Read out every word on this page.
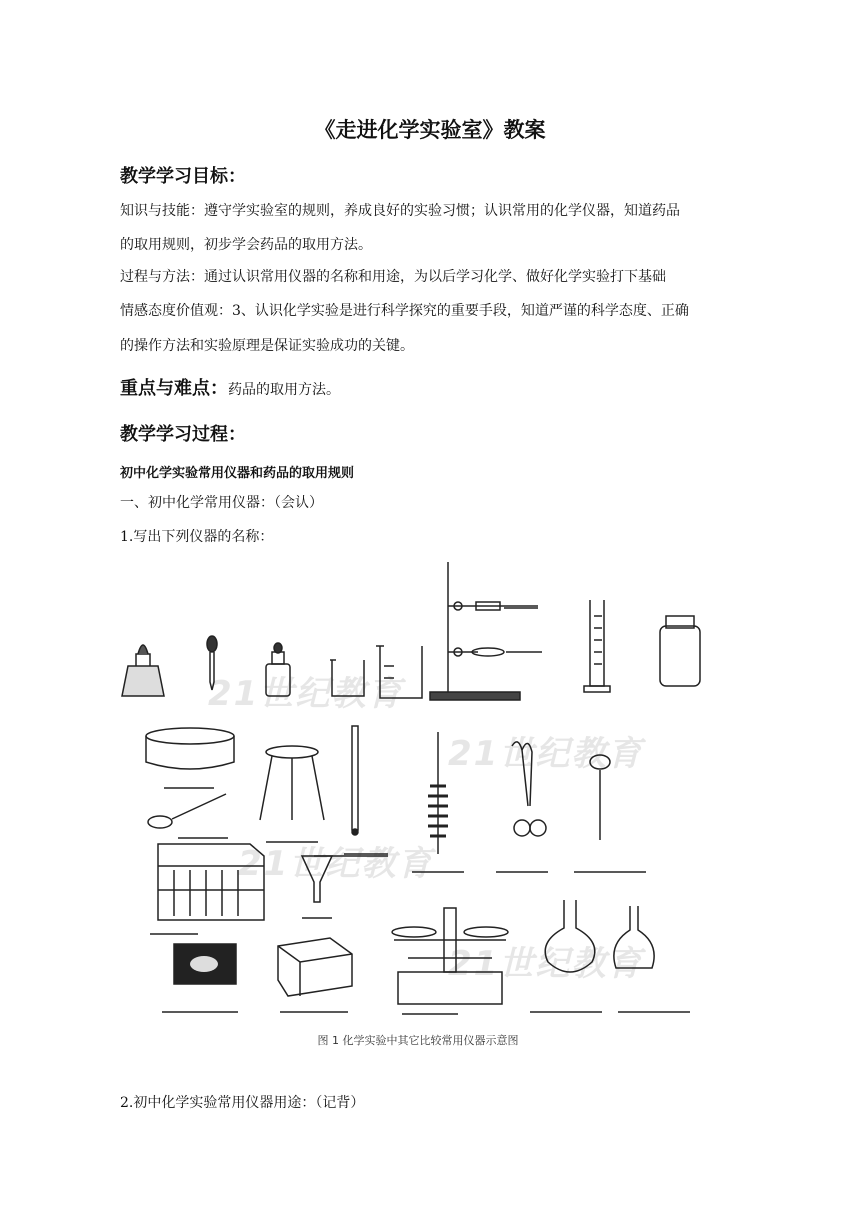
《走进化学实验室》教案
教学学习目标：
知识与技能：遵守学实验室的规则，养成良好的实验习惯；认识常用的化学仪器，知道药品
的取用规则，初步学会药品的取用方法。
过程与方法：通过认识常用仪器的名称和用途，为以后学习化学、做好化学实验打下基础
情感态度价值观：3、认识化学实验是进行科学探究的重要手段，知道严谨的科学态度、正确
的操作方法和实验原理是保证实验成功的关键。
重点与难点：药品的取用方法。
教学学习过程：
初中化学实验常用仪器和药品的取用规则
一、初中化学常用仪器：（会认）
1.写出下列仪器的名称：
21世纪教育
21世纪教育
21世纪教育
21世纪教育
图 1 化学实验中其它比较常用仪器示意图
2.初中化学实验常用仪器用途：（记背）
